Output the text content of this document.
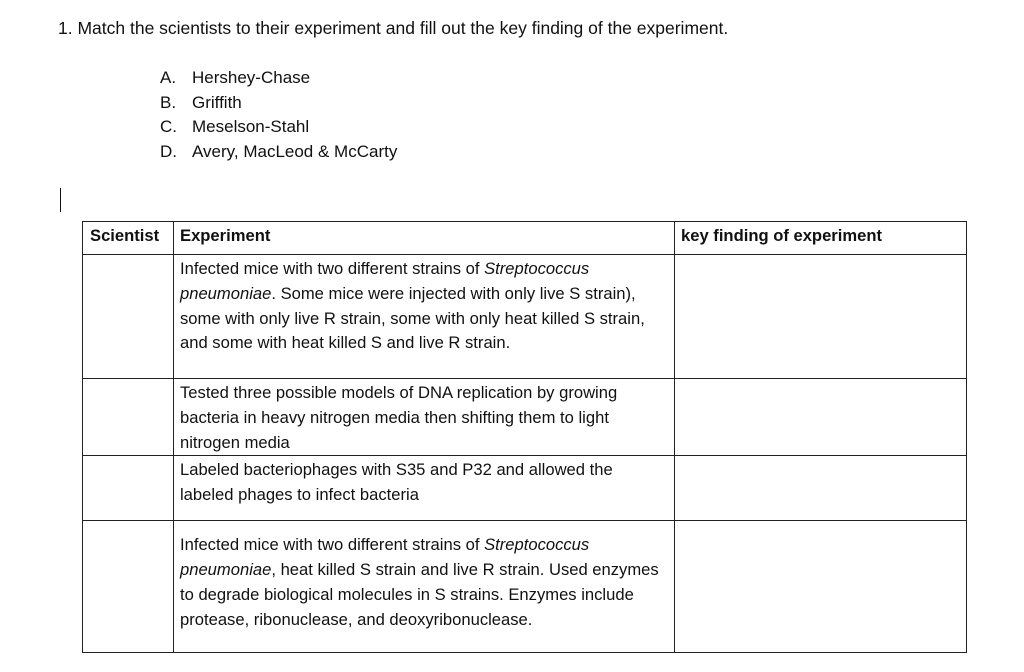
1. Match the scientists to their experiment and fill out the key finding of the experiment.
A. Hershey-Chase
B. Griffith
C. Meselson-Stahl
D. Avery, MacLeod & McCarty
Scientist	Experiment	key finding of experiment
	Infected mice with two different strains of Streptococcus pneumoniae. Some mice were injected with only live S strain), some with only live R strain, some with only heat killed S strain, and some with heat killed S and live R strain.	
	Tested three possible models of DNA replication by growing bacteria in heavy nitrogen media then shifting them to light nitrogen media	
	Labeled bacteriophages with S35 and P32 and allowed the labeled phages to infect bacteria	
	Infected mice with two different strains of Streptococcus pneumoniae, heat killed S strain and live R strain. Used enzymes to degrade biological molecules in S strains. Enzymes include protease, ribonuclease, and deoxyribonuclease.	
